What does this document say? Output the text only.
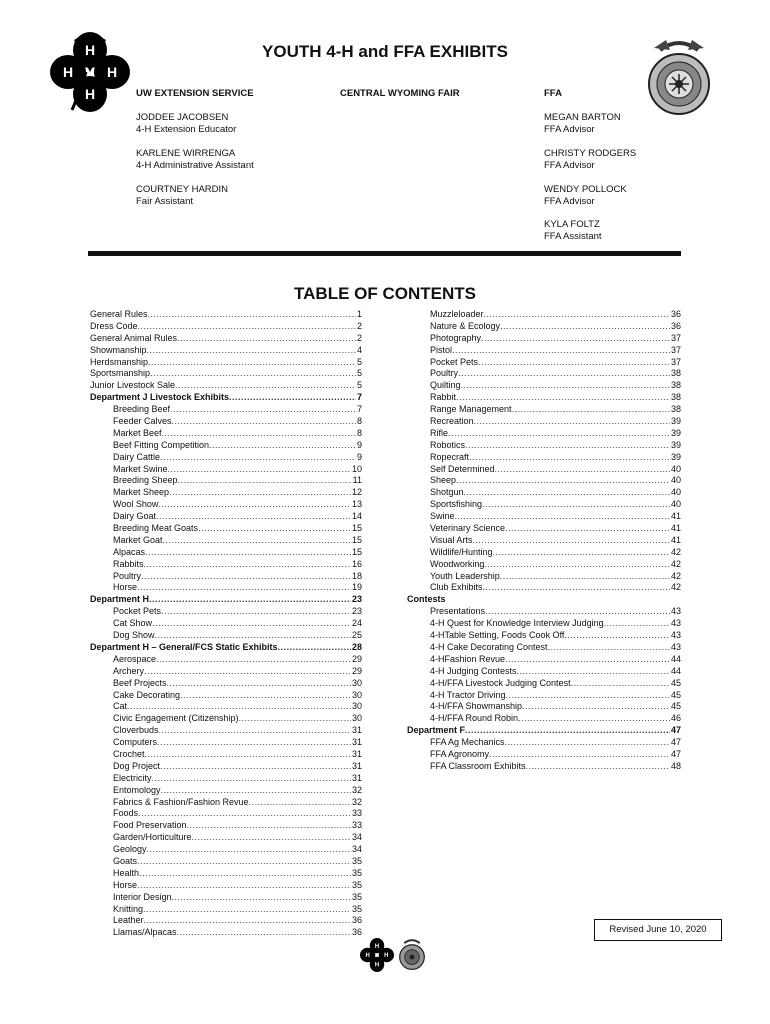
H
H
H
H
YOUTH 4-H and FFA EXHIBITS
UW EXTENSION SERVICE	CENTRAL WYOMING FAIR	FFA
JODDEE JACOBSEN
4-H Extension Educator
KARLENE WIRRENGA
4-H Administrative Assistant
COURTNEY HARDIN
Fair Assistant
MEGAN BARTON
FFA Advisor
CHRISTY RODGERS
FFA Advisor
WENDY POLLOCK
FFA Advisor
KYLA FOLTZ
FFA Assistant
TABLE OF CONTENTS
General Rules .....	1
Dress Code .....	2
General Animal Rules .....	2
Showmanship .....	4
Herdsmanship .....	5
Sportsmanship .....	5
Junior Livestock Sale .....	5
Department J Livestock Exhibits .....	7
Breeding Beef .....	7
Feeder Calves .....	8
Market Beef .....	8
Beef Fitting Competition .....	9
Dairy Cattle .....	9
Market Swine .....	10
Breeding Sheep .....	11
Market Sheep .....	12
Wool Show .....	13
Dairy Goat .....	14
Breeding Meat Goats .....	15
Market Goat .....	15
Alpacas .....	15
Rabbits .....	16
Poultry .....	18
Horse .....	19
Department H .....	23
Pocket Pets .....	23
Cat Show .....	24
Dog Show .....	25
Department H – General/FCS Static Exhibits .....	28
Aerospace .....	29
Archery .....	29
Beef Projects .....	30
Cake Decorating .....	30
Cat .....	30
Civic Engagement (Citizenship) .....	30
Cloverbuds .....	31
Computers .....	31
Crochet .....	31
Dog Project .....	31
Electricity .....	31
Entomology .....	32
Fabrics & Fashion/Fashion Revue .....	32
Foods .....	33
Food Preservation .....	33
Garden/Horticulture .....	34
Geology .....	34
Goats .....	35
Health .....	35
Horse .....	35
Interior Design .....	35
Knitting .....	35
Leather .....	36
Llamas/Alpacas .....	36
Muzzleloader .....	36
Nature & Ecology .....	36
Photography .....	37
Pistol .....	37
Pocket Pets .....	37
Poultry .....	38
Quilting .....	38
Rabbit .....	38
Range Management .....	38
Recreation .....	39
Rifle .....	39
Robotics .....	39
Ropecraft .....	39
Self Determined .....	40
Sheep .....	40
Shotgun .....	40
Sportsfishing .....	40
Swine .....	41
Veterinary Science .....	41
Visual Arts .....	41
Wildlife/Hunting .....	42
Woodworking .....	42
Youth Leadership .....	42
Club Exhibits .....	42
Contests
Presentations .....	43
4-H Quest for Knowledge Interview Judging .....	43
4-HTable Setting, Foods Cook Off .....	43
4-H Cake Decorating Contest .....	43
4-HFashion Revue .....	44
4-H Judging Contests .....	44
4-H/FFA Livestock Judging Contest .....	45
4-H Tractor Driving .....	45
4-H/FFA Showmanship .....	45
4-H/FFA Round Robin .....	46
Department F .....	47
FFA Ag Mechanics .....	47
FFA Agronomy .....	47
FFA Classroom Exhibits .....	48
Revised June 10, 2020
H
H
H
H
